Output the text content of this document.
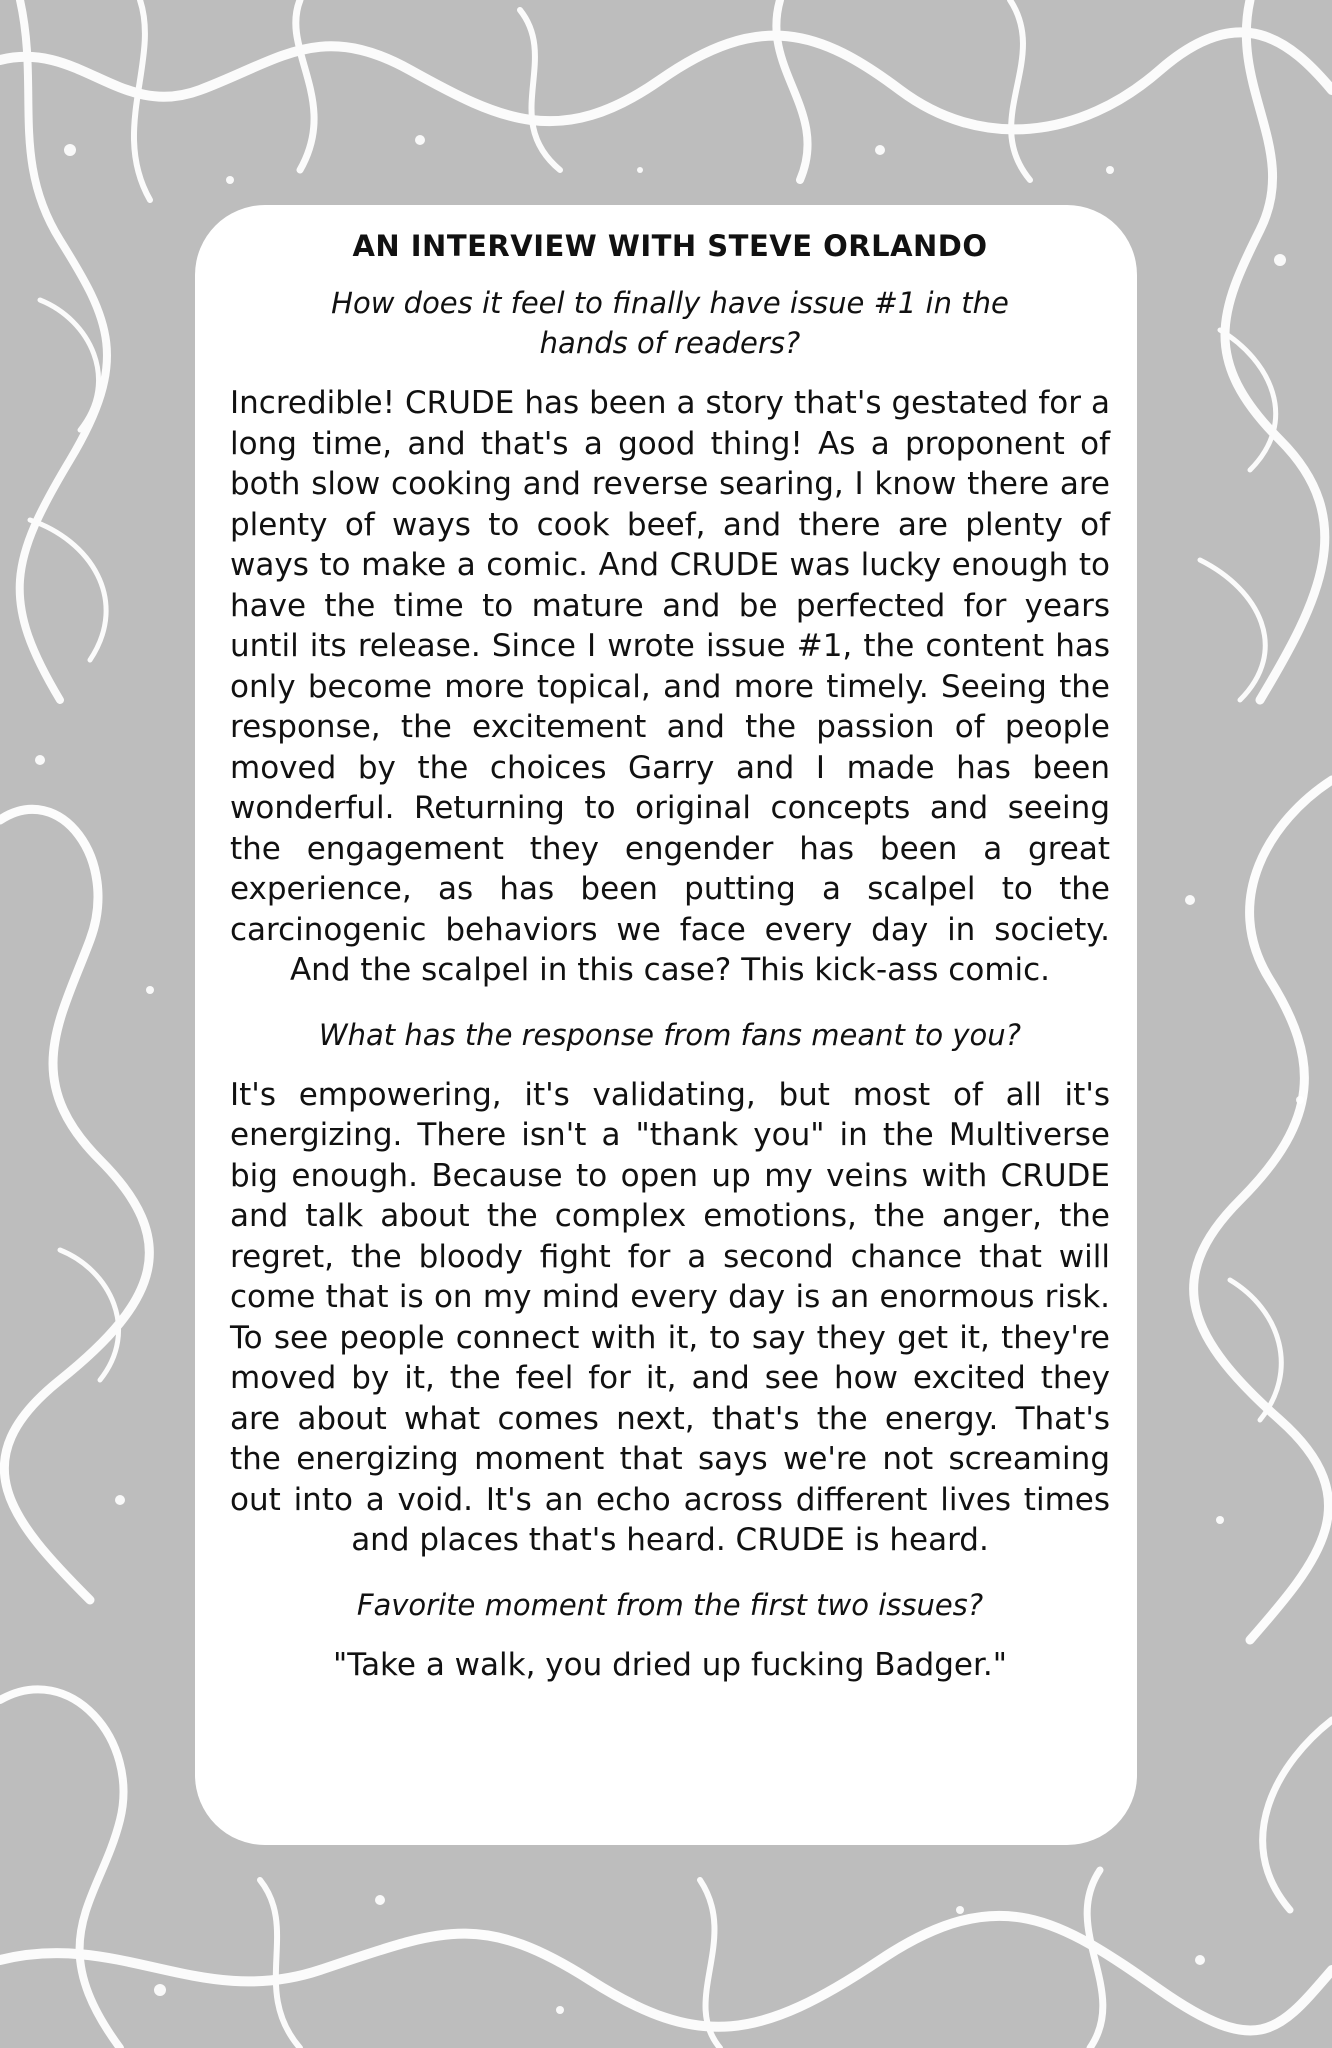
AN INTERVIEW WITH STEVE ORLANDO
How does it feel to finally have issue #1 in the hands of readers?
Incredible! CRUDE has been a story that's gestated for a long time, and that's a good thing! As a proponent of both slow cooking and reverse searing, I know there are plenty of ways to cook beef, and there are plenty of ways to make a comic. And CRUDE was lucky enough to have the time to mature and be perfected for years until its release. Since I wrote issue #1, the content has only become more topical, and more timely. Seeing the response, the excitement and the passion of people moved by the choices Garry and I made has been wonderful. Returning to original concepts and seeing the engagement they engender has been a great experience, as has been putting a scalpel to the carcinogenic behaviors we face every day in society. And the scalpel in this case? This kick-ass comic.
What has the response from fans meant to you?
It's empowering, it's validating, but most of all it's energizing. There isn't a "thank you" in the Multiverse big enough. Because to open up my veins with CRUDE and talk about the complex emotions, the anger, the regret, the bloody fight for a second chance that will come that is on my mind every day is an enormous risk. To see people connect with it, to say they get it, they're moved by it, the feel for it, and see how excited they are about what comes next, that's the energy. That's the energizing moment that says we're not screaming out into a void. It's an echo across different lives times and places that's heard. CRUDE is heard.
Favorite moment from the first two issues?
"Take a walk, you dried up fucking Badger."
